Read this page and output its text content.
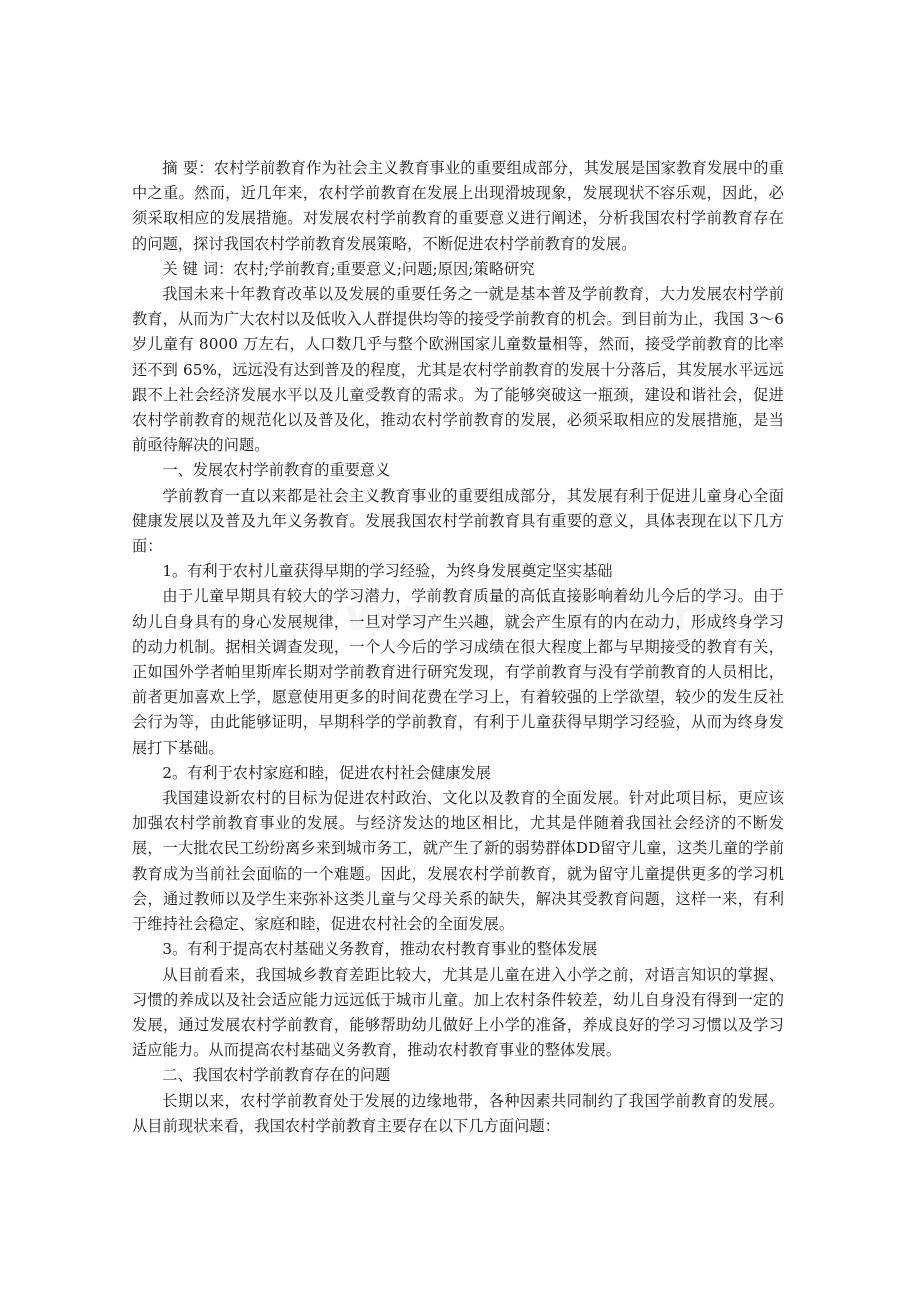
摘 要：农村学前教育作为社会主义教育事业的重要组成部分，其发展是国家教育发展中的重中之重。然而，近几年来，农村学前教育在发展上出现滑坡现象，发展现状不容乐观，因此，必须采取相应的发展措施。对发展农村学前教育的重要意义进行阐述，分析我国农村学前教育存在的问题，探讨我国农村学前教育发展策略，不断促进农村学前教育的发展。

关 键 词：农村;学前教育;重要意义;问题;原因;策略研究

我国未来十年教育改革以及发展的重要任务之一就是基本普及学前教育，大力发展农村学前教育，从而为广大农村以及低收入人群提供均等的接受学前教育的机会。到目前为止，我国 3～6 岁儿童有 8000 万左右，人口数几乎与整个欧洲国家儿童数量相等，然而，接受学前教育的比率还不到 65%，远远没有达到普及的程度，尤其是农村学前教育的发展十分落后，其发展水平远远跟不上社会经济发展水平以及儿童受教育的需求。为了能够突破这一瓶颈，建设和谐社会，促进农村学前教育的规范化以及普及化，推动农村学前教育的发展，必须采取相应的发展措施，是当前亟待解决的问题。

一、发展农村学前教育的重要意义

学前教育一直以来都是社会主义教育事业的重要组成部分，其发展有利于促进儿童身心全面健康发展以及普及九年义务教育。发展我国农村学前教育具有重要的意义，具体表现在以下几方面：

1。有利于农村儿童获得早期的学习经验，为终身发展奠定坚实基础

由于儿童早期具有较大的学习潜力，学前教育质量的高低直接影响着幼儿今后的学习。由于幼儿自身具有的身心发展规律，一旦对学习产生兴趣，就会产生原有的内在动力，形成终身学习的动力机制。据相关调查发现，一个人今后的学习成绩在很大程度上都与早期接受的教育有关，正如国外学者帕里斯库长期对学前教育进行研究发现，有学前教育与没有学前教育的人员相比，前者更加喜欢上学，愿意使用更多的时间花费在学习上，有着较强的上学欲望，较少的发生反社会行为等，由此能够证明，早期科学的学前教育，有利于儿童获得早期学习经验，从而为终身发展打下基础。

2。有利于农村家庭和睦，促进农村社会健康发展

我国建设新农村的目标为促进农村政治、文化以及教育的全面发展。针对此项目标，更应该加强农村学前教育事业的发展。与经济发达的地区相比，尤其是伴随着我国社会经济的不断发展，一大批农民工纷纷离乡来到城市务工，就产生了新的弱势群体DD留守儿童，这类儿童的学前教育成为当前社会面临的一个难题。因此，发展农村学前教育，就为留守儿童提供更多的学习机会，通过教师以及学生来弥补这类儿童与父母关系的缺失，解决其受教育问题，这样一来，有利于维持社会稳定、家庭和睦，促进农村社会的全面发展。

3。有利于提高农村基础义务教育，推动农村教育事业的整体发展

从目前看来，我国城乡教育差距比较大，尤其是儿童在进入小学之前，对语言知识的掌握、习惯的养成以及社会适应能力远远低于城市儿童。加上农村条件较差，幼儿自身没有得到一定的发展，通过发展农村学前教育，能够帮助幼儿做好上小学的准备，养成良好的学习习惯以及学习适应能力。从而提高农村基础义务教育，推动农村教育事业的整体发展。

二、我国农村学前教育存在的问题

长期以来，农村学前教育处于发展的边缘地带，各种因素共同制约了我国学前教育的发展。从目前现状来看，我国农村学前教育主要存在以下几方面问题：
